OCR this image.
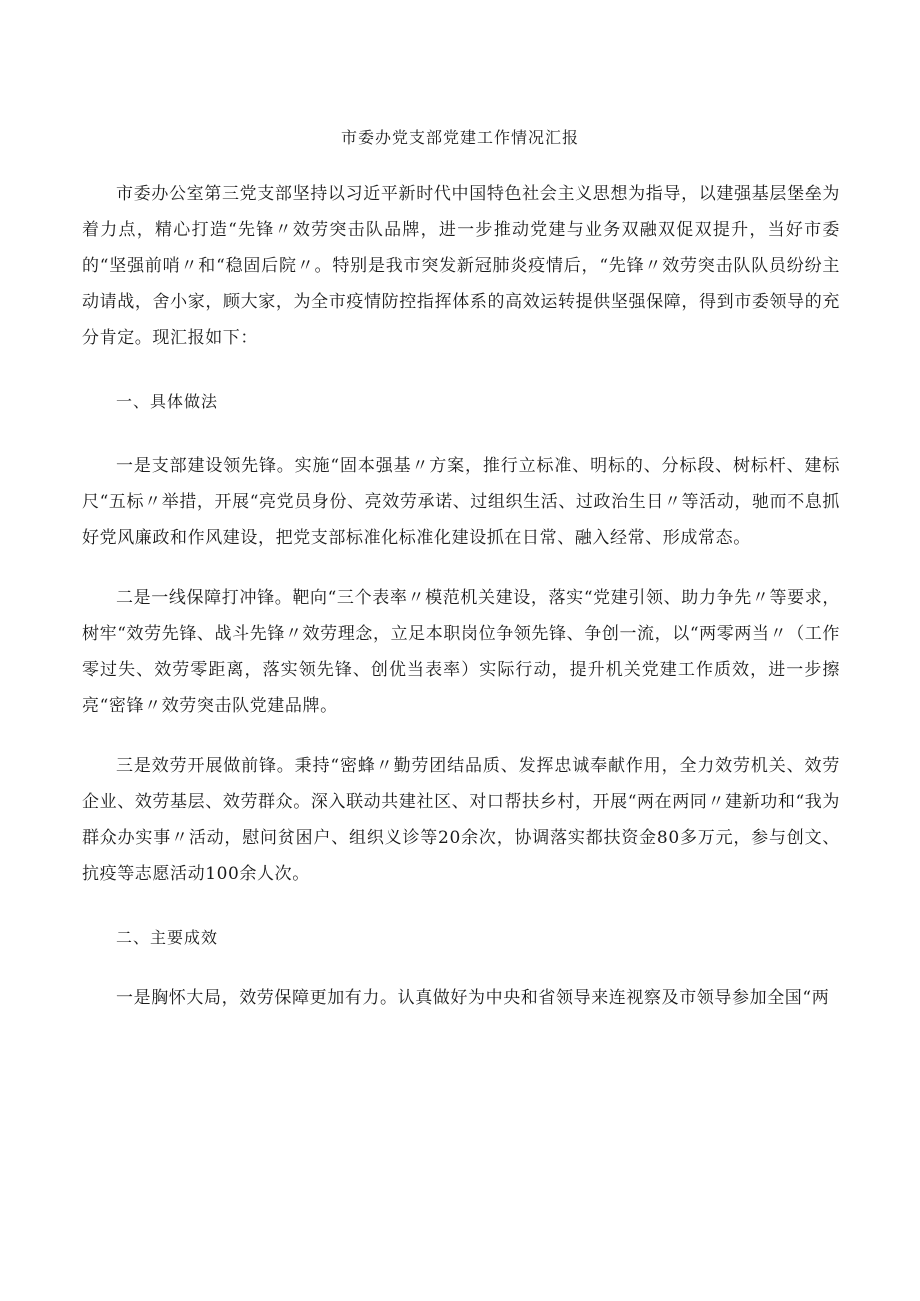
市委办党支部党建工作情况汇报

市委办公室第三党支部坚持以习近平新时代中国特色社会主义思想为指导，以建强基层堡垒为着力点，精心打造“先锋〃效劳突击队品牌，进一步推动党建与业务双融双促双提升，当好市委的“坚强前哨〃和“稳固后院〃。特别是我市突发新冠肺炎疫情后，“先锋〃效劳突击队队员纷纷主动请战，舍小家，顾大家，为全市疫情防控指挥体系的高效运转提供坚强保障，得到市委领导的充分肯定。现汇报如下：

一、具体做法

一是支部建设领先锋。实施“固本强基〃方案，推行立标准、明标的、分标段、树标杆、建标尺“五标〃举措，开展“亮党员身份、亮效劳承诺、过组织生活、过政治生日〃等活动，驰而不息抓好党风廉政和作风建设，把党支部标准化标准化建设抓在日常、融入经常、形成常态。

二是一线保障打冲锋。靶向“三个表率〃模范机关建设，落实“党建引领、助力争先〃等要求，树牢“效劳先锋、战斗先锋〃效劳理念，立足本职岗位争领先锋、争创一流，以“两零两当〃（工作零过失、效劳零距离，落实领先锋、创优当表率）实际行动，提升机关党建工作质效，进一步擦亮“密锋〃效劳突击队党建品牌。

三是效劳开展做前锋。秉持“密蜂〃勤劳团结品质、发挥忠诚奉献作用，全力效劳机关、效劳企业、效劳基层、效劳群众。深入联动共建社区、对口帮扶乡村，开展“两在两同〃建新功和“我为群众办实事〃活动，慰问贫困户、组织义诊等20余次，协调落实都扶资金80多万元，参与创文、抗疫等志愿活动100余人次。

二、主要成效

一是胸怀大局，效劳保障更加有力。认真做好为中央和省领导来连视察及市领导参加全国“两
